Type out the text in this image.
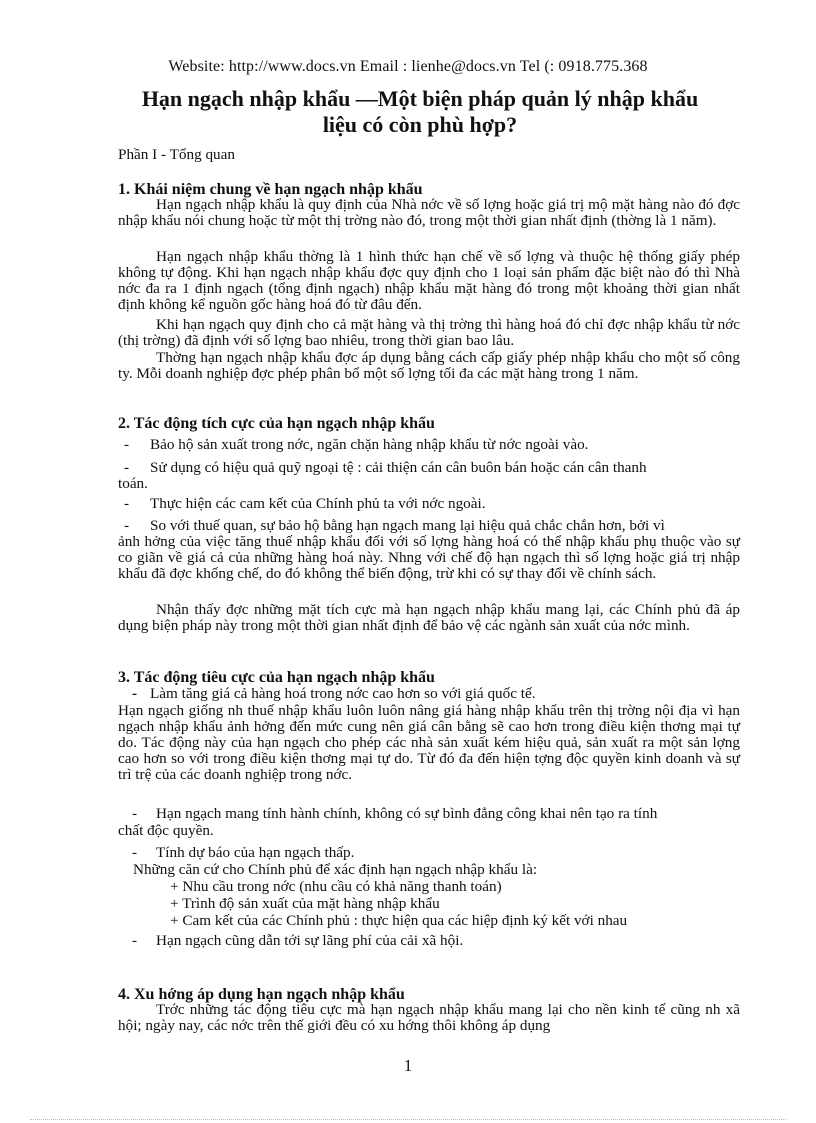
Website: http://www.docs.vn Email : lienhe@docs.vn Tel (: 0918.775.368
Hạn ngạch nhập khẩu —Một biện pháp quản lý nhập khẩu
liệu có còn phù hợp?

Phần I - Tổng quan

1. Khái niệm chung về hạn ngạch nhập khẩu

Hạn ngạch nhập khẩu là quy định của Nhà nớc về số lợng hoặc giá trị mộ mặt hàng nào đó đợc nhập khẩu nói chung hoặc từ một thị trờng nào đó, trong một thời gian nhất định (thờng là 1 năm).

Hạn ngạch nhập khẩu thờng là 1 hình thức hạn chế về số lợng và thuộc hệ thống giấy phép không tự động. Khi hạn ngạch nhập khẩu đợc quy định cho 1 loại sản phẩm đặc biệt nào đó thì Nhà nớc đa ra 1 định ngạch (tổng định ngạch) nhập khẩu mặt hàng đó trong một khoảng thời gian nhất định không kể nguồn gốc hàng hoá đó từ đâu đến.

Khi hạn ngạch quy định cho cả mặt hàng và thị trờng thì hàng hoá đó chỉ đợc nhập khẩu từ nớc (thị trờng) đã định với số lợng bao nhiêu, trong thời gian bao lâu.

Thờng hạn ngạch nhập khẩu đợc áp dụng bằng cách cấp giấy phép nhập khẩu cho một số công ty. Mỗi doanh nghiệp đợc phép phân bổ một số lợng tối đa các mặt hàng trong 1 năm.

2. Tác động tích cực của hạn ngạch nhập khẩu

- Bảo hộ sản xuất trong nớc, ngăn chặn hàng nhập khẩu từ nớc ngoài vào.

- Sử dụng có hiệu quả quỹ ngoại tệ : cải thiện cán cân buôn bán hoặc cán cân thanh

toán.

- Thực hiện các cam kết của Chính phủ ta với nớc ngoài.

- So với thuế quan, sự bảo hộ bằng hạn ngạch mang lại hiệu quả chắc chắn hơn, bởi vì

ảnh hởng của việc tăng thuế nhập khẩu đối với số lợng hàng hoá có thể nhập khẩu phụ thuộc vào sự co giãn về giá cả của những hàng hoá này. Nhng với chế độ hạn ngạch thì số lợng hoặc giá trị nhập khẩu đã đợc khống chế, do đó không thể biến động, trừ khi có sự thay đổi về chính sách.

Nhận thấy đợc những mặt tích cực mà hạn ngạch nhập khẩu mang lại, các Chính phủ đã áp dụng biện pháp này trong một thời gian nhất định để bảo vệ các ngành sản xuất của nớc mình.

3. Tác động tiêu cực của hạn ngạch nhập khẩu

- Làm tăng giá cả hàng hoá trong nớc cao hơn so với giá quốc tế.

Hạn ngạch giống nh thuế nhập khẩu luôn luôn nâng giá hàng nhập khẩu trên thị trờng nội địa vì hạn ngạch nhập khẩu ảnh hởng đến mức cung nên giá cân bằng sẽ cao hơn trong điều kiện thơng mại tự do. Tác động này của hạn ngạch cho phép các nhà sản xuất kém hiệu quả, sản xuất ra một sản lợng cao hơn so với trong điều kiện thơng mại tự do. Từ đó đa đến hiện tợng độc quyền kinh doanh và sự trì trệ của các doanh nghiệp trong nớc.

- Hạn ngạch mang tính hành chính, không có sự bình đẳng công khai nên tạo ra tính

chất độc quyền.

- Tính dự báo của hạn ngạch thấp.

Những căn cứ cho Chính phủ để xác định hạn ngạch nhập khẩu là:

+ Nhu cầu trong nớc (nhu cầu có khả năng thanh toán)

+ Trình độ sản xuất của mặt hàng nhập khẩu

+ Cam kết của các Chính phủ : thực hiện qua các hiệp định ký kết với nhau

- Hạn ngạch cũng dẫn tới sự lãng phí của cải xã hội.

4. Xu hớng áp dụng hạn ngạch nhập khẩu

Trớc những tác động tiêu cực mà hạn ngạch nhập khẩu mang lại cho nền kinh tế cũng nh xã hội; ngày nay, các nớc trên thế giới đều có xu hớng thôi không áp dụng

1
